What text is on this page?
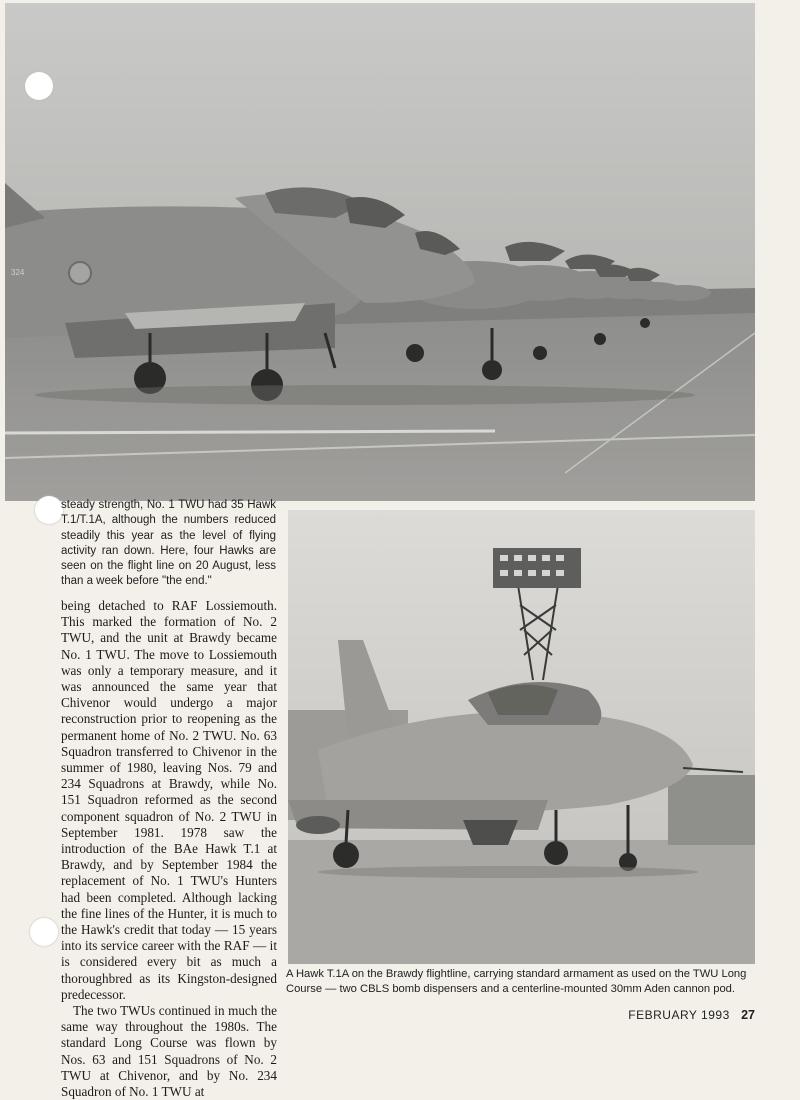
324
steady strength, No. 1 TWU had 35 Hawk T.1/T.1A, although the numbers reduced steadily this year as the level of flying activity ran down. Here, four Hawks are seen on the flight line on 20 August, less than a week before "the end."

being detached to RAF Lossiemouth. This marked the formation of No. 2 TWU, and the unit at Brawdy became No. 1 TWU. The move to Lossiemouth was only a temporary measure, and it was announced the same year that Chivenor would undergo a major reconstruction prior to reopening as the permanent home of No. 2 TWU. No. 63 Squadron transferred to Chivenor in the summer of 1980, leaving Nos. 79 and 234 Squadrons at Brawdy, while No. 151 Squadron reformed as the second component squadron of No. 2 TWU in September 1981. 1978 saw the introduction of the BAe Hawk T.1 at Brawdy, and by September 1984 the replacement of No. 1 TWU's Hunters had been completed. Although lacking the fine lines of the Hunter, it is much to the Hawk's credit that today — 15 years into its service career with the RAF — it is considered every bit as much a thoroughbred as its Kingston-designed predecessor.

The two TWUs continued in much the same way throughout the 1980s. The standard Long Course was flown by Nos. 63 and 151 Squadrons of No. 2 TWU at Chivenor, and by No. 234 Squadron of No. 1 TWU at

A Hawk T.1A on the Brawdy flightline, carrying standard armament as used on the TWU Long Course — two CBLS bomb dispensers and a centerline-mounted 30mm Aden cannon pod.
FEBRUARY 1993 27
